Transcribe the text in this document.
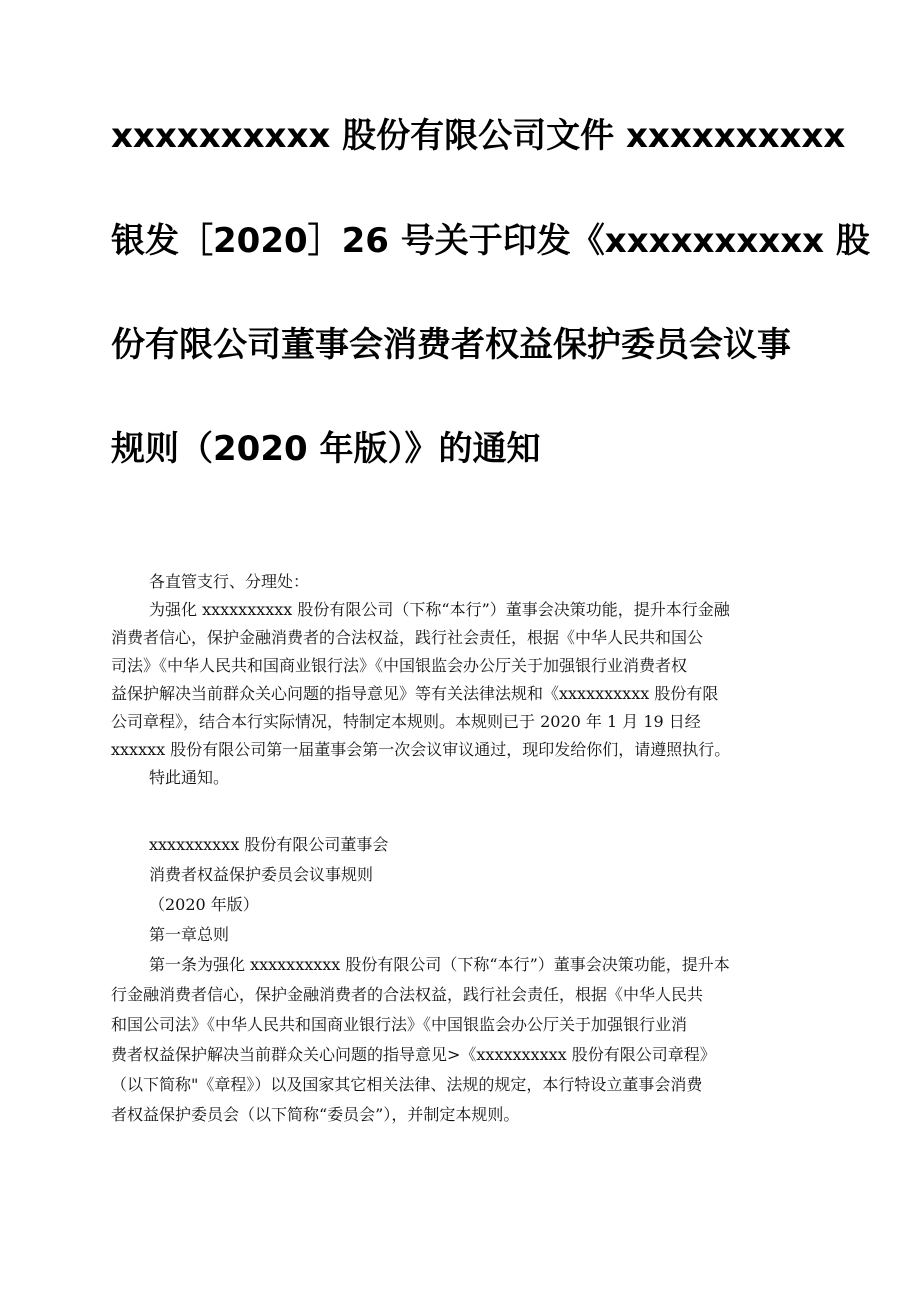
xxxxxxxxxx 股份有限公司文件 xxxxxxxxxx
银发［2020］26 号关于印发《xxxxxxxxxx 股
份有限公司董事会消费者权益保护委员会议事
规则（2020 年版）》的通知

各直管支行、分理处：

为强化 xxxxxxxxxx 股份有限公司（下称“本行”）董事会决策功能，提升本行金融

消费者信心，保护金融消费者的合法权益，践行社会责任，根据《中华人民共和国公

司法》《中华人民共和国商业银行法》《中国银监会办公厅关于加强银行业消费者权

益保护解决当前群众关心问题的指导意见》等有关法律法规和《xxxxxxxxxx 股份有限

公司章程》，结合本行实际情况，特制定本规则。本规则已于 2020 年 1 月 19 日经

xxxxxx 股份有限公司第一届董事会第一次会议审议通过，现印发给你们，请遵照执行。

特此通知。

xxxxxxxxxx 股份有限公司董事会

消费者权益保护委员会议事规则

（2020 年版）

第一章总则

第一条为强化 xxxxxxxxxx 股份有限公司（下称“本行”）董事会决策功能，提升本

行金融消费者信心，保护金融消费者的合法权益，践行社会责任，根据《中华人民共

和国公司法》《中华人民共和国商业银行法》《中国银监会办公厅关于加强银行业消

费者权益保护解决当前群众关心问题的指导意见>《xxxxxxxxxx 股份有限公司章程》

（以下简称"《章程》）以及国家其它相关法律、法规的规定，本行特设立董事会消费

者权益保护委员会（以下简称“委员会”），并制定本规则。
